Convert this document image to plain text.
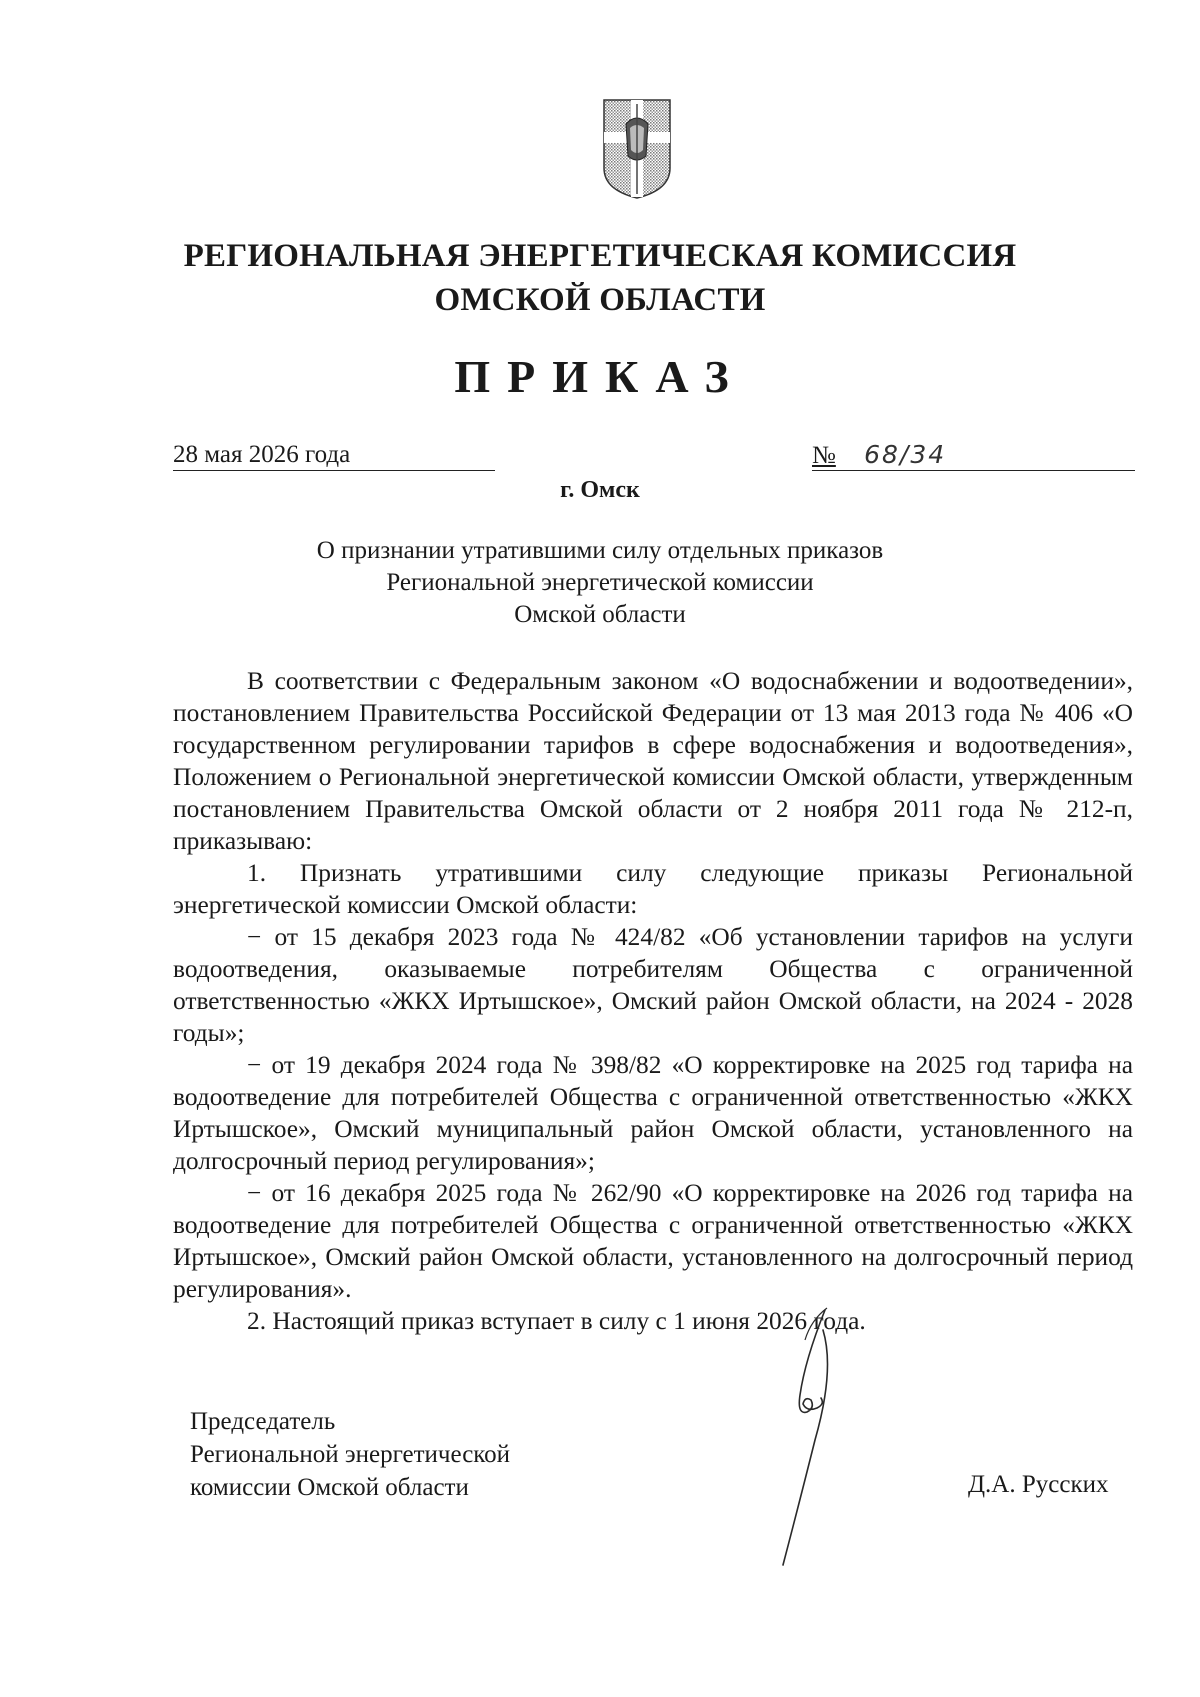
РЕГИОНАЛЬНАЯ ЭНЕРГЕТИЧЕСКАЯ КОМИССИЯ
ОМСКОЙ ОБЛАСТИ
ПРИКАЗ
28 мая 2026 года	№ 68/34
г. Омск
О признании утратившими силу отдельных приказов
Региональной энергетической комиссии
Омской области

В соответствии с Федеральным законом «О водоснабжении и водоотведении», постановлением Правительства Российской Федерации от 13 мая 2013 года № 406 «О государственном регулировании тарифов в сфере водоснабжения и водоотведения», Положением о Региональной энергетической комиссии Омской области, утвержденным постановлением Правительства Омской области от 2 ноября 2011 года № 212-п, приказываю:

1. Признать утратившими силу следующие приказы Региональной энергетической комиссии Омской области:

− от 15 декабря 2023 года № 424/82 «Об установлении тарифов на услуги водоотведения, оказываемые потребителям Общества с ограниченной ответственностью «ЖКХ Иртышское», Омский район Омской области, на 2024 - 2028 годы»;

− от 19 декабря 2024 года № 398/82 «О корректировке на 2025 год тарифа на водоотведение для потребителей Общества с ограниченной ответственностью «ЖКХ Иртышское», Омский муниципальный район Омской области, установленного на долгосрочный период регулирования»;

− от 16 декабря 2025 года № 262/90 «О корректировке на 2026 год тарифа на водоотведение для потребителей Общества с ограниченной ответственностью «ЖКХ Иртышское», Омский район Омской области, установленного на долгосрочный период регулирования».

2. Настоящий приказ вступает в силу с 1 июня 2026 года.

Председатель
Региональной энергетической
комиссии Омской области	Д.А. Русских
